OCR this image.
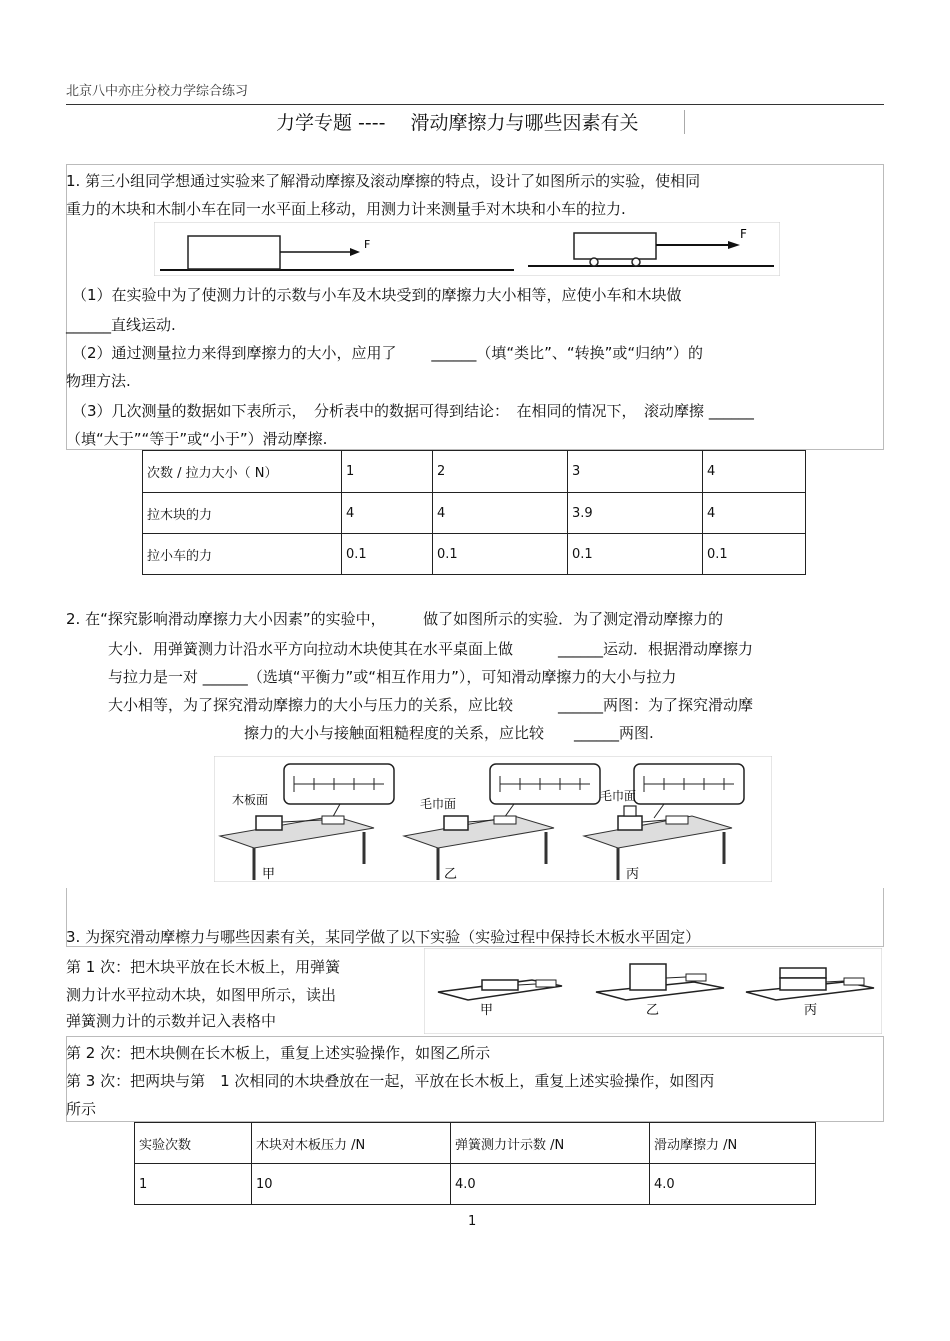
北京八中亦庄分校力学综合练习
力学专题 ---- 　滑动摩擦力与哪些因素有关
1. 第三小组同学想通过实验来了解滑动摩擦及滚动摩擦的特点，设计了如图所示的实验，使相同
重力的木块和木制小车在同一水平面上移动，用测力计来测量手对木块和小车的拉力.
F
F
（1）在实验中为了使测力计的示数与小车及木块受到的摩擦力大小相等，应使小车和木块做
______直线运动.
（2）通过测量拉力来得到摩擦力的大小，应用了　　 ______（填“类比”、“转换”或“归纳”）的
物理方法.
（3）几次测量的数据如下表所示，　分析表中的数据可得到结论：　在相同的情况下，　滚动摩擦 ______
（填“大于”“等于”或“小于”）滑动摩擦.
次数 / 拉力大小（ N）	1	2	3	4
拉木块的力	4	4	3.9	4
拉小车的力	0.1	0.1	0.1	0.1
2. 在“探究影响滑动摩擦力大小因素”的实验中，　　　做了如图所示的实验．为了测定滑动摩擦力的
大小．用弹簧测力计沿水平方向拉动木块使其在水平桌面上做　　　______运动．根据滑动摩擦力
与拉力是一对 ______（选填“平衡力”或“相互作用力”），可知滑动摩擦力的大小与拉力
大小相等，为了探究滑动摩擦力的大小与压力的关系，应比较　　　______两图：为了探究滑动摩
擦力的大小与接触面粗糙程度的关系，应比较　　______两图.
木板面
甲
毛巾面
乙
毛巾面
丙
3. 为探究滑动摩檫力与哪些因素有关，某同学做了以下实验（实验过程中保持长木板水平固定）
第 1 次：把木块平放在长木板上，用弹簧
测力计水平拉动木块，如图甲所示，读出
弹簧测力计的示数并记入表格中
甲	乙	丙
第 2 次：把木块侧在长木板上，重复上述实验操作，如图乙所示
第 3 次：把两块与第　1 次相同的木块叠放在一起，平放在长木板上，重复上述实验操作，如图丙
所示
实验次数	木块对木板压力 /N	弹簧测力计示数 /N	滑动摩擦力 /N
1	10	4.0	4.0
1
